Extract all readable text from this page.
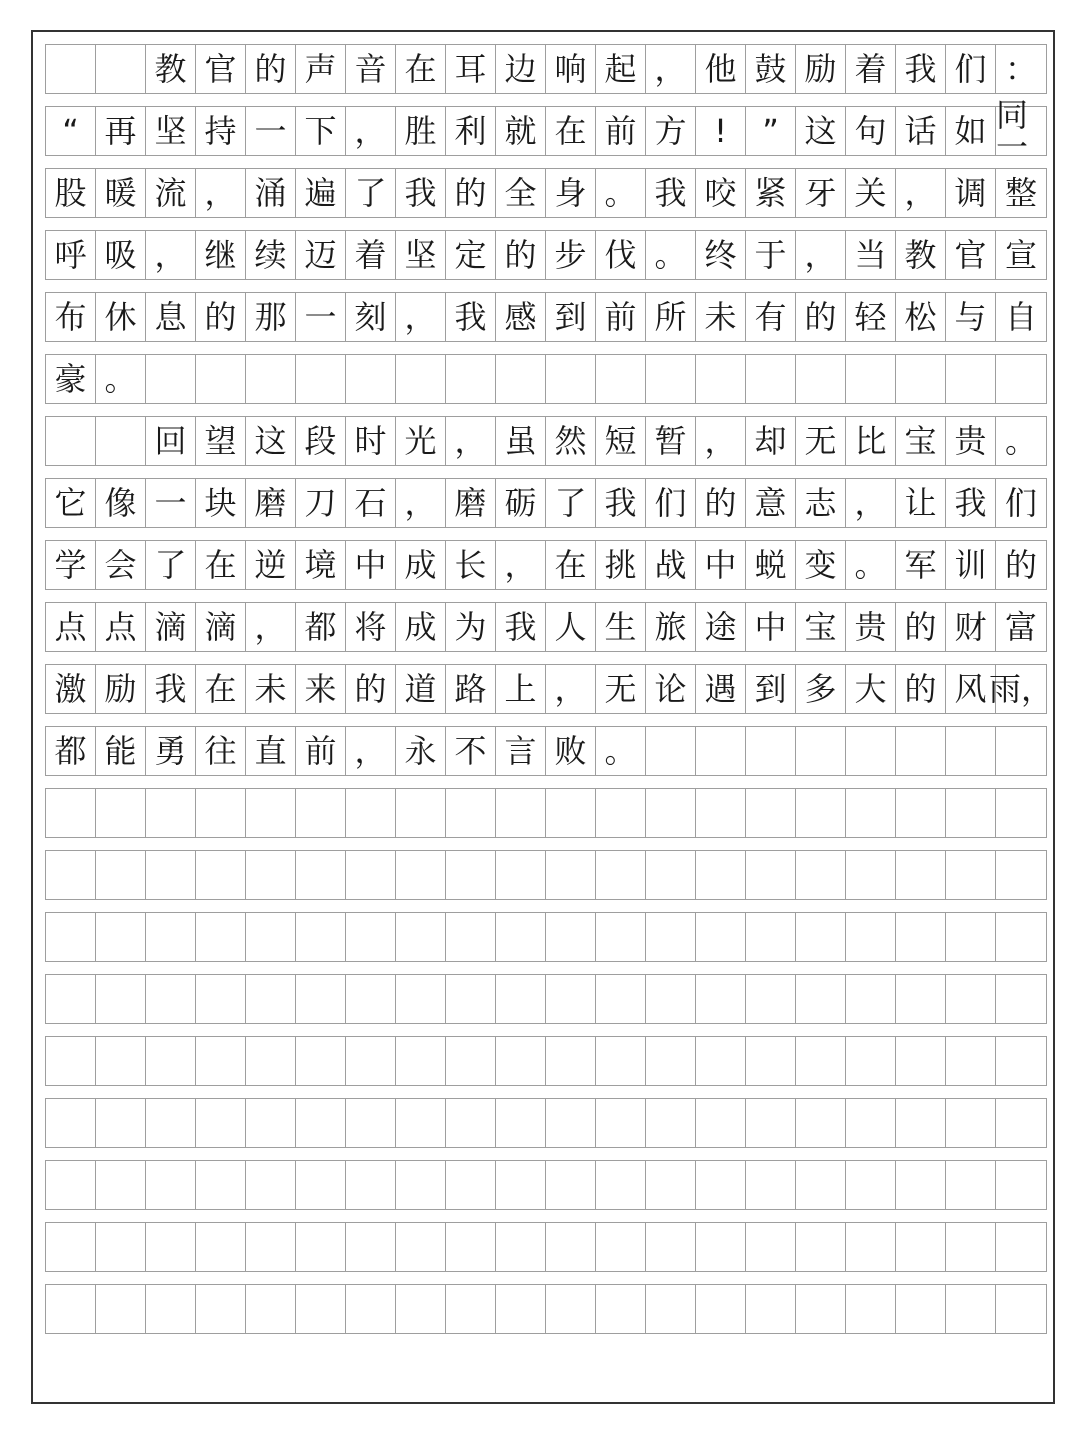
教 官 的 声 音 在 耳 边 响 起 ， 他 鼓 励 着 我 们 ：
“ 再 坚 持 一 下 ， 胜 利 就 在 前 方 !	” 这 句 话 如 同一
股 暖 流 ， 涌 遍 了 我 的 全 身 。 我 咬 紧 牙 关 ， 调 整
呼 吸 ， 继 续 迈 着 坚 定 的 步 伐 。 终 于 ， 当 教 官 宣
布 休 息 的 那 一 刻 ， 我 感 到 前 所 未 有 的 轻 松 与 自
豪 。
回 望 这 段 时 光 ， 虽 然 短 暂 ， 却 无 比 宝 贵 。
它 像 一 块 磨 刀 石 ， 磨 砺 了 我 们 的 意 志 ， 让 我 们
学 会 了 在 逆 境 中 成 长 ， 在 挑 战 中 蜕 变 。 军 训 的
点 点 滴 滴 ， 都 将 成 为 我 人 生 旅 途 中 宝 贵 的 财 富
激 励 我 在 未 来 的 道 路 上 ， 无 论 遇 到 多 大 的 风 雨，
都 能 勇 往 直 前 ， 永 不 言 败 。
